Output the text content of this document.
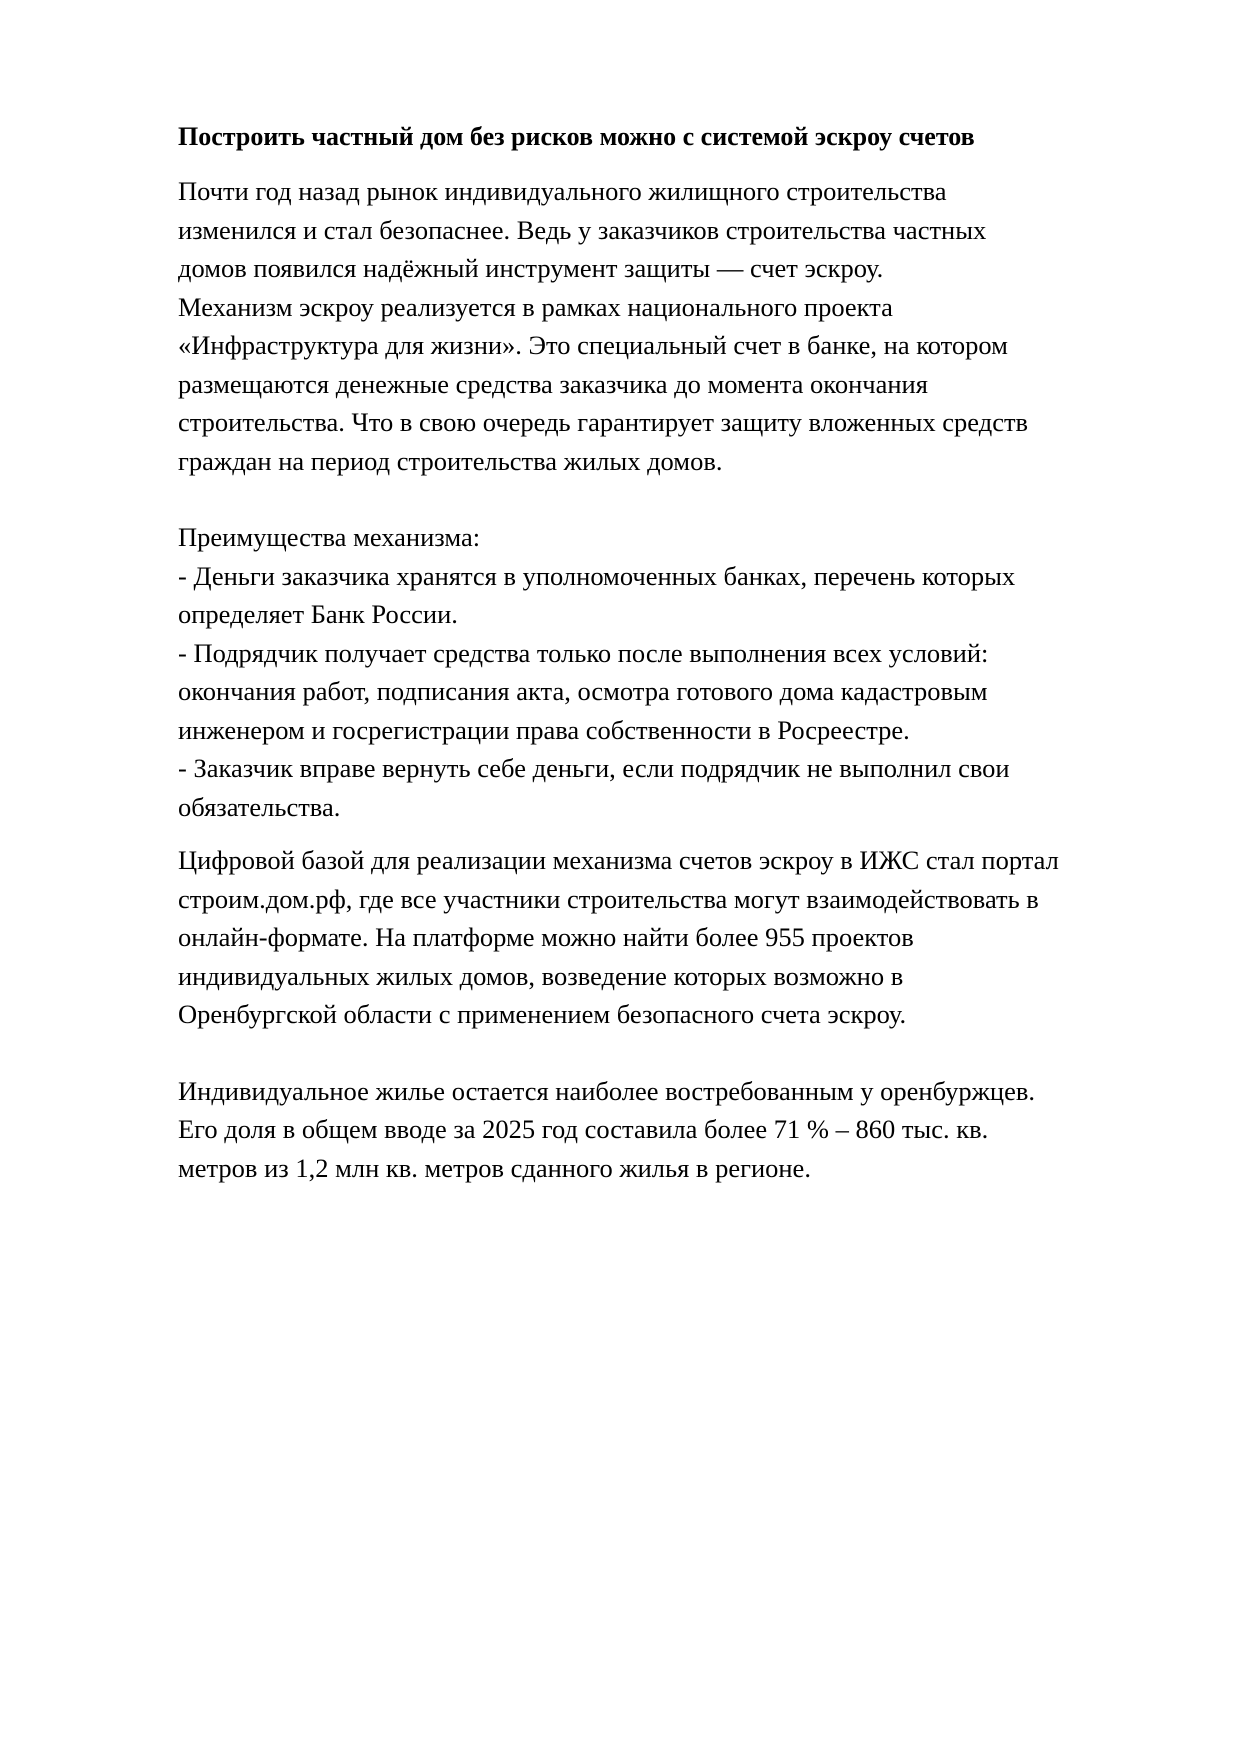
Построить частный дом без рисков можно с системой эскроу счетов

Почти год назад рынок индивидуального жилищного строительства

изменился и стал безопаснее. Ведь у заказчиков строительства частных

домов появился надёжный инструмент защиты — счет эскроу.

Механизм эскроу реализуется в рамках национального проекта

«Инфраструктура для жизни». Это специальный счет в банке, на котором

размещаются денежные средства заказчика до момента окончания

строительства. Что в свою очередь гарантирует защиту вложенных средств

граждан на период строительства жилых домов.

Преимущества механизма:

- Деньги заказчика хранятся в уполномоченных банках, перечень которых

определяет Банк России.

- Подрядчик получает средства только после выполнения всех условий:

окончания работ, подписания акта, осмотра готового дома кадастровым

инженером и госрегистрации права собственности в Росреестре.

- Заказчик вправе вернуть себе деньги, если подрядчик не выполнил свои

обязательства.

Цифровой базой для реализации механизма счетов эскроу в ИЖС стал портал

строим.дом.рф, где все участники строительства могут взаимодействовать в

онлайн-формате. На платформе можно найти более 955 проектов

индивидуальных жилых домов, возведение которых возможно в

Оренбургской области с применением безопасного счета эскроу.

Индивидуальное жилье остается наиболее востребованным у оренбуржцев.

Его доля в общем вводе за 2025 год составила более 71 % – 860 тыс. кв.

метров из 1,2 млн кв. метров сданного жилья в регионе.
